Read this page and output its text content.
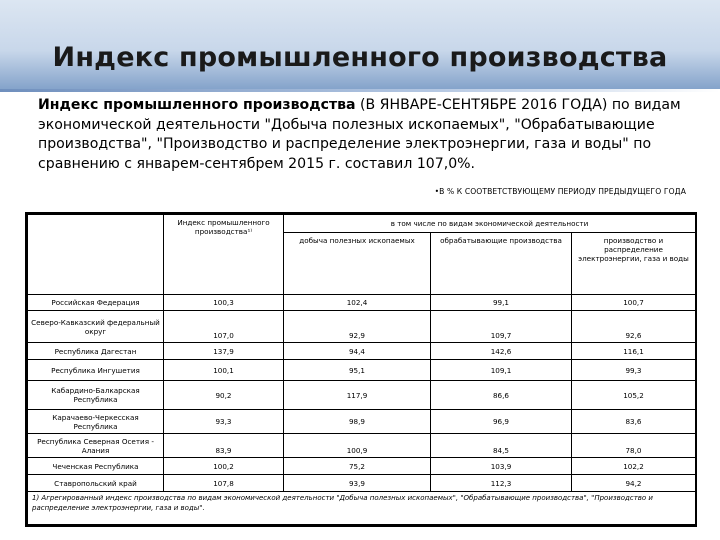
Индекс промышленного производства
Индекс промышленного производства (В ЯНВАРЕ-СЕНТЯБРЕ 2016 ГОДА) по видам экономической деятельности "Добыча полезных ископаемых", "Обрабатывающие производства", "Производство и распределение электроэнергии, газа и воды" по сравнению с январем-сентябрем 2015 г. составил 107,0%.
•В % К СООТВЕТСТВУЮЩЕМУ ПЕРИОДУ ПРЕДЫДУЩЕГО ГОДА
	Индекс промышленного производства¹⁾	в том числе по видам экономической деятельности		
		добыча полезных ископаемых	обрабатывающие производства	производство и распределение электроэнергии, газа и воды
Российская Федерация	100,3	102,4	99,1	100,7
Северо-Кавказский федеральный округ	107,0	92,9	109,7	92,6
Республика Дагестан	137,9	94,4	142,6	116,1
Республика Ингушетия	100,1	95,1	109,1	99,3
Кабардино-Балкарская Республика	90,2	117,9	86,6	105,2
Карачаево-Черкесская Республика	93,3	98,9	96,9	83,6
Республика Северная Осетия - Алания	83,9	100,9	84,5	78,0
Чеченская Республика	100,2	75,2	103,9	102,2
Ставропольский край	107,8	93,9	112,3	94,2
1) Агрегированный индекс производства по видам экономической деятельности "Добыча полезных ископаемых", "Обрабатывающие производства", "Производство и распределение электроэнергии, газа и воды".				
